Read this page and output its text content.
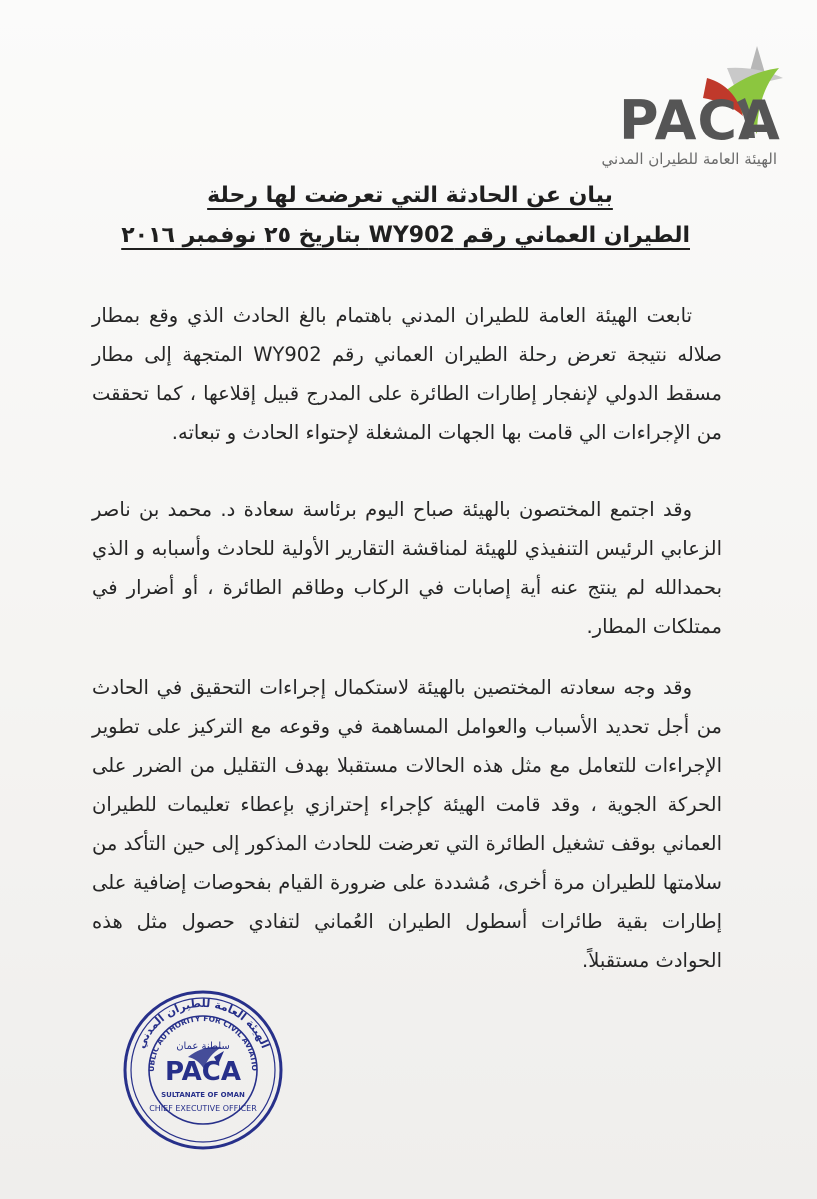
PACA
الهيئة العامة للطيران المدني
بيان عن الحادثة التي تعرضت لها رحلة
الطيران العماني رقم WY902 بتاريخ ٢٥ نوفمبر ٢٠١٦
تابعت الهيئة العامة للطيران المدني باهتمام بالغ الحادث الذي وقع بمطار صلاله نتيجة تعرض رحلة الطيران العماني رقم WY902 المتجهة إلى مطار مسقط الدولي لإنفجار إطارات الطائرة على المدرج قبيل إقلاعها ، كما تحققت من الإجراءات الي قامت بها الجهات المشغلة لإحتواء الحادث و تبعاته.
وقد اجتمع المختصون بالهيئة صباح اليوم برئاسة سعادة د. محمد بن ناصر الزعابي الرئيس التنفيذي للهيئة لمناقشة التقارير الأولية للحادث وأسبابه و الذي بحمدالله لم ينتج عنه أية إصابات في الركاب وطاقم الطائرة ، أو أضرار في ممتلكات المطار.
وقد وجه سعادته المختصين بالهيئة لاستكمال إجراءات التحقيق في الحادث من أجل تحديد الأسباب والعوامل المساهمة في وقوعه مع التركيز على تطوير الإجراءات للتعامل مع مثل هذه الحالات مستقبلا بهدف التقليل من الضرر على الحركة الجوية ، وقد قامت الهيئة كإجراء إحترازي بإعطاء تعليمات للطيران العماني بوقف تشغيل الطائرة التي تعرضت للحادث المذكور إلى حين التأكد من سلامتها للطيران مرة أخرى، مُشددة على ضرورة القيام بفحوصات إضافية على إطارات بقية طائرات أسطول الطيران العُماني لتفادي حصول مثل هذه الحوادث مستقبلاً.
الهيئة العامة للطيران المدني
UBLIC AUTHORITY FOR CIVIL AVIATIO
سلطنة عمان
PACA
SULTANATE OF OMAN
CHIEF EXECUTIVE OFFICER
